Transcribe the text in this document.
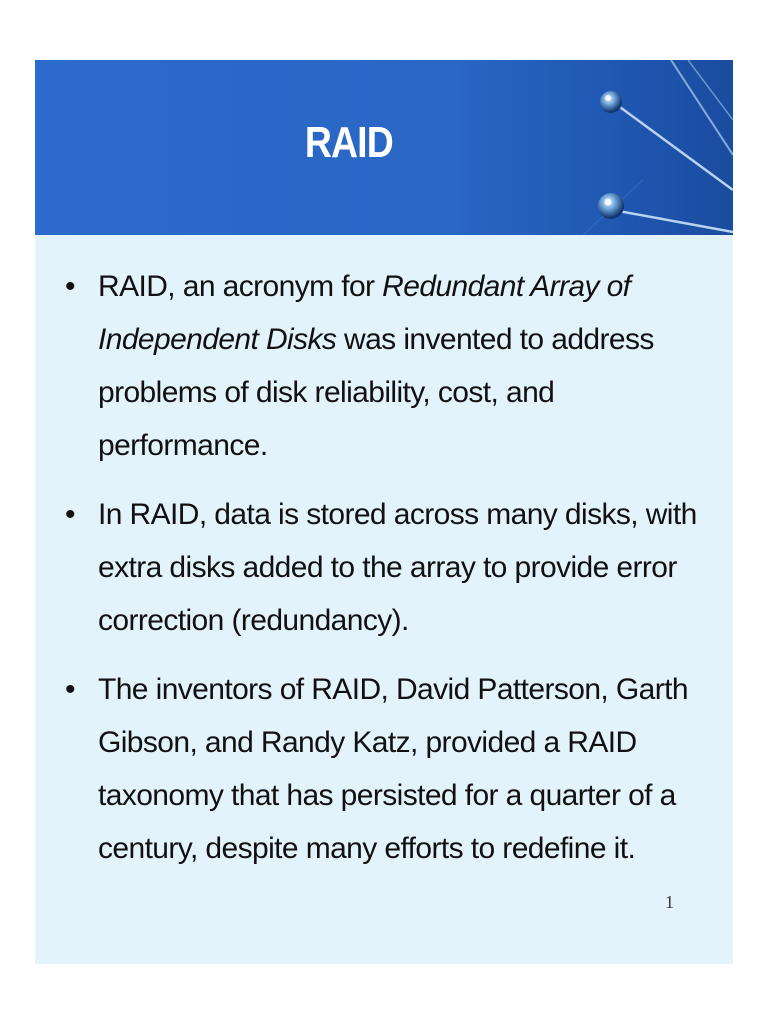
RAID
• RAID, an acronym for Redundant Array of Independent Disks was invented to address problems of disk reliability, cost, and performance.
• In RAID, data is stored across many disks, with extra disks added to the array to provide error correction (redundancy).
• The inventors of RAID, David Patterson, Garth Gibson, and Randy Katz, provided a RAID taxonomy that has persisted for a quarter of a century, despite many efforts to redefine it.
1
